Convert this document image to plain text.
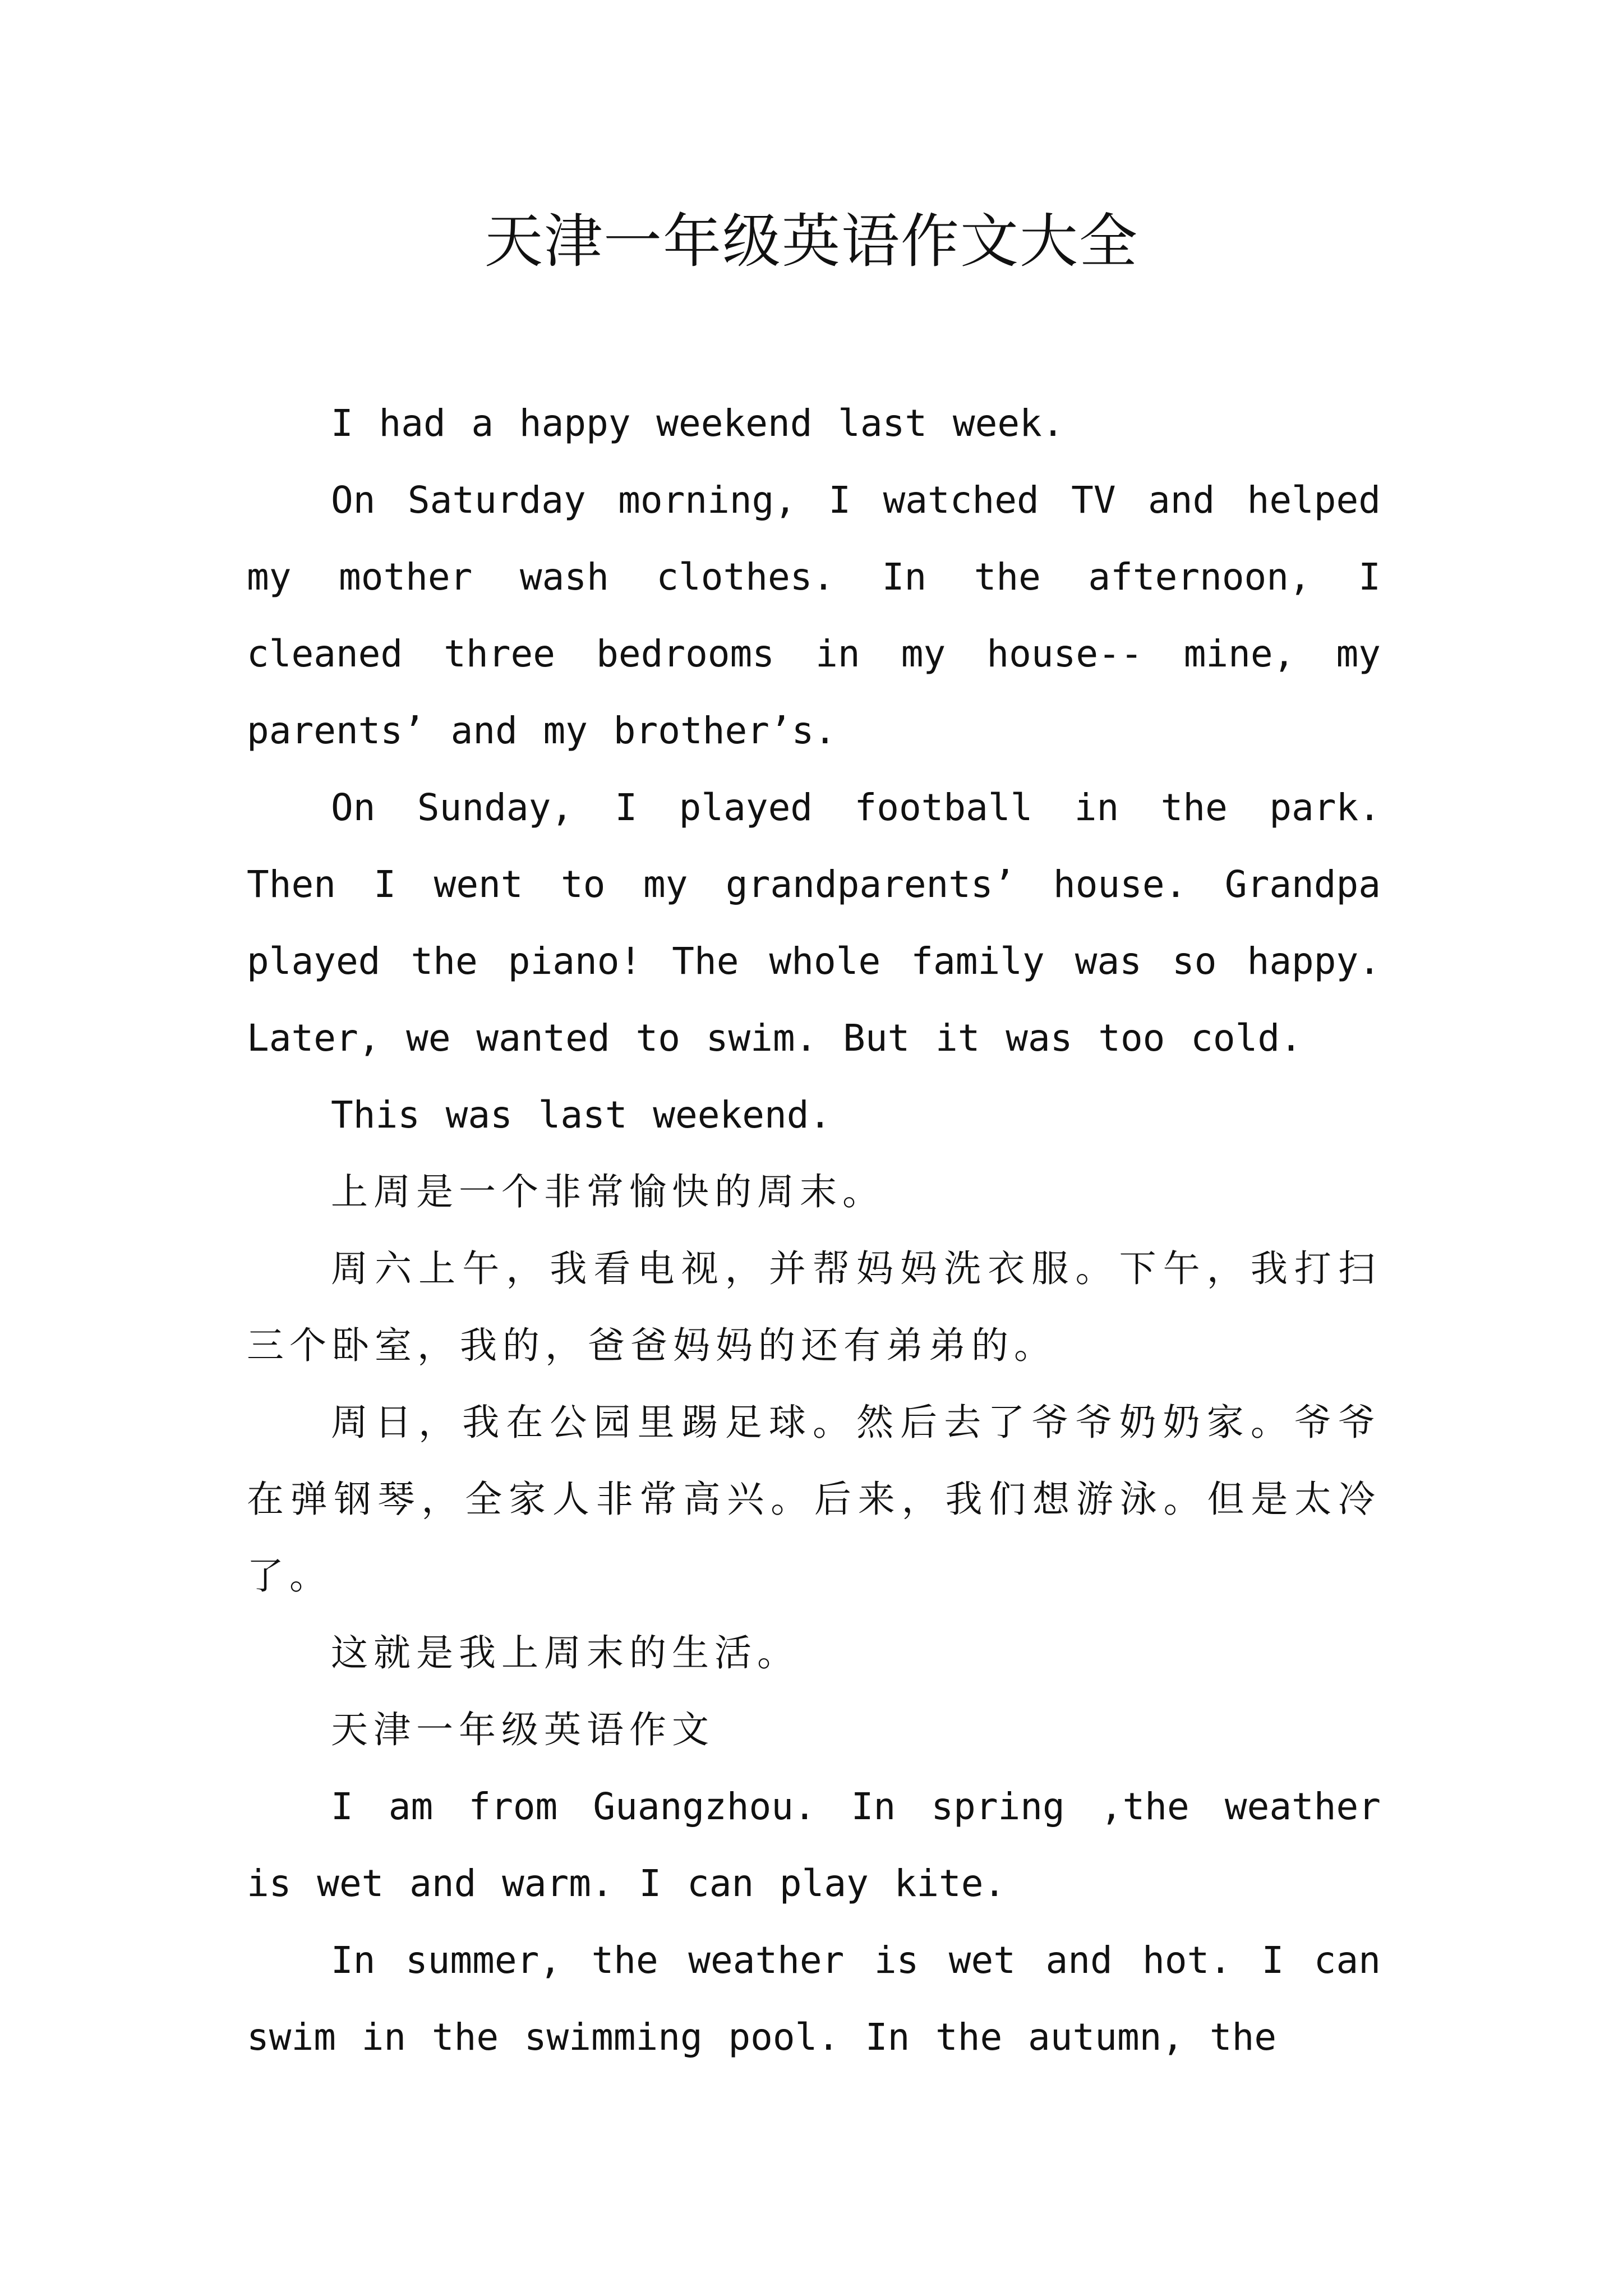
天津一年级英语作文大全

I had a happy weekend last week.

On Saturday morning, I watched TV and helped my mother wash clothes. In the afternoon, I cleaned three bedrooms in my house-- mine, my parents’ and my brother’s.

On Sunday, I played football in the park. Then I went to my grandparents’ house. Grandpa played the piano! The whole family was so happy. Later, we wanted to swim. But it was too cold.

This was last weekend.

上周是一个非常愉快的周末。

周六上午，我看电视，并帮妈妈洗衣服。下午，我打扫三个卧室，我的，爸爸妈妈的还有弟弟的。

周日，我在公园里踢足球。然后去了爷爷奶奶家。爷爷在弹钢琴，全家人非常高兴。后来，我们想游泳。但是太冷了。

这就是我上周末的生活。

天津一年级英语作文

I am from Guangzhou. In spring ,the weather is wet and warm. I can play kite.

In summer, the weather is wet and hot. I can swim in the swimming pool. In the autumn, the
